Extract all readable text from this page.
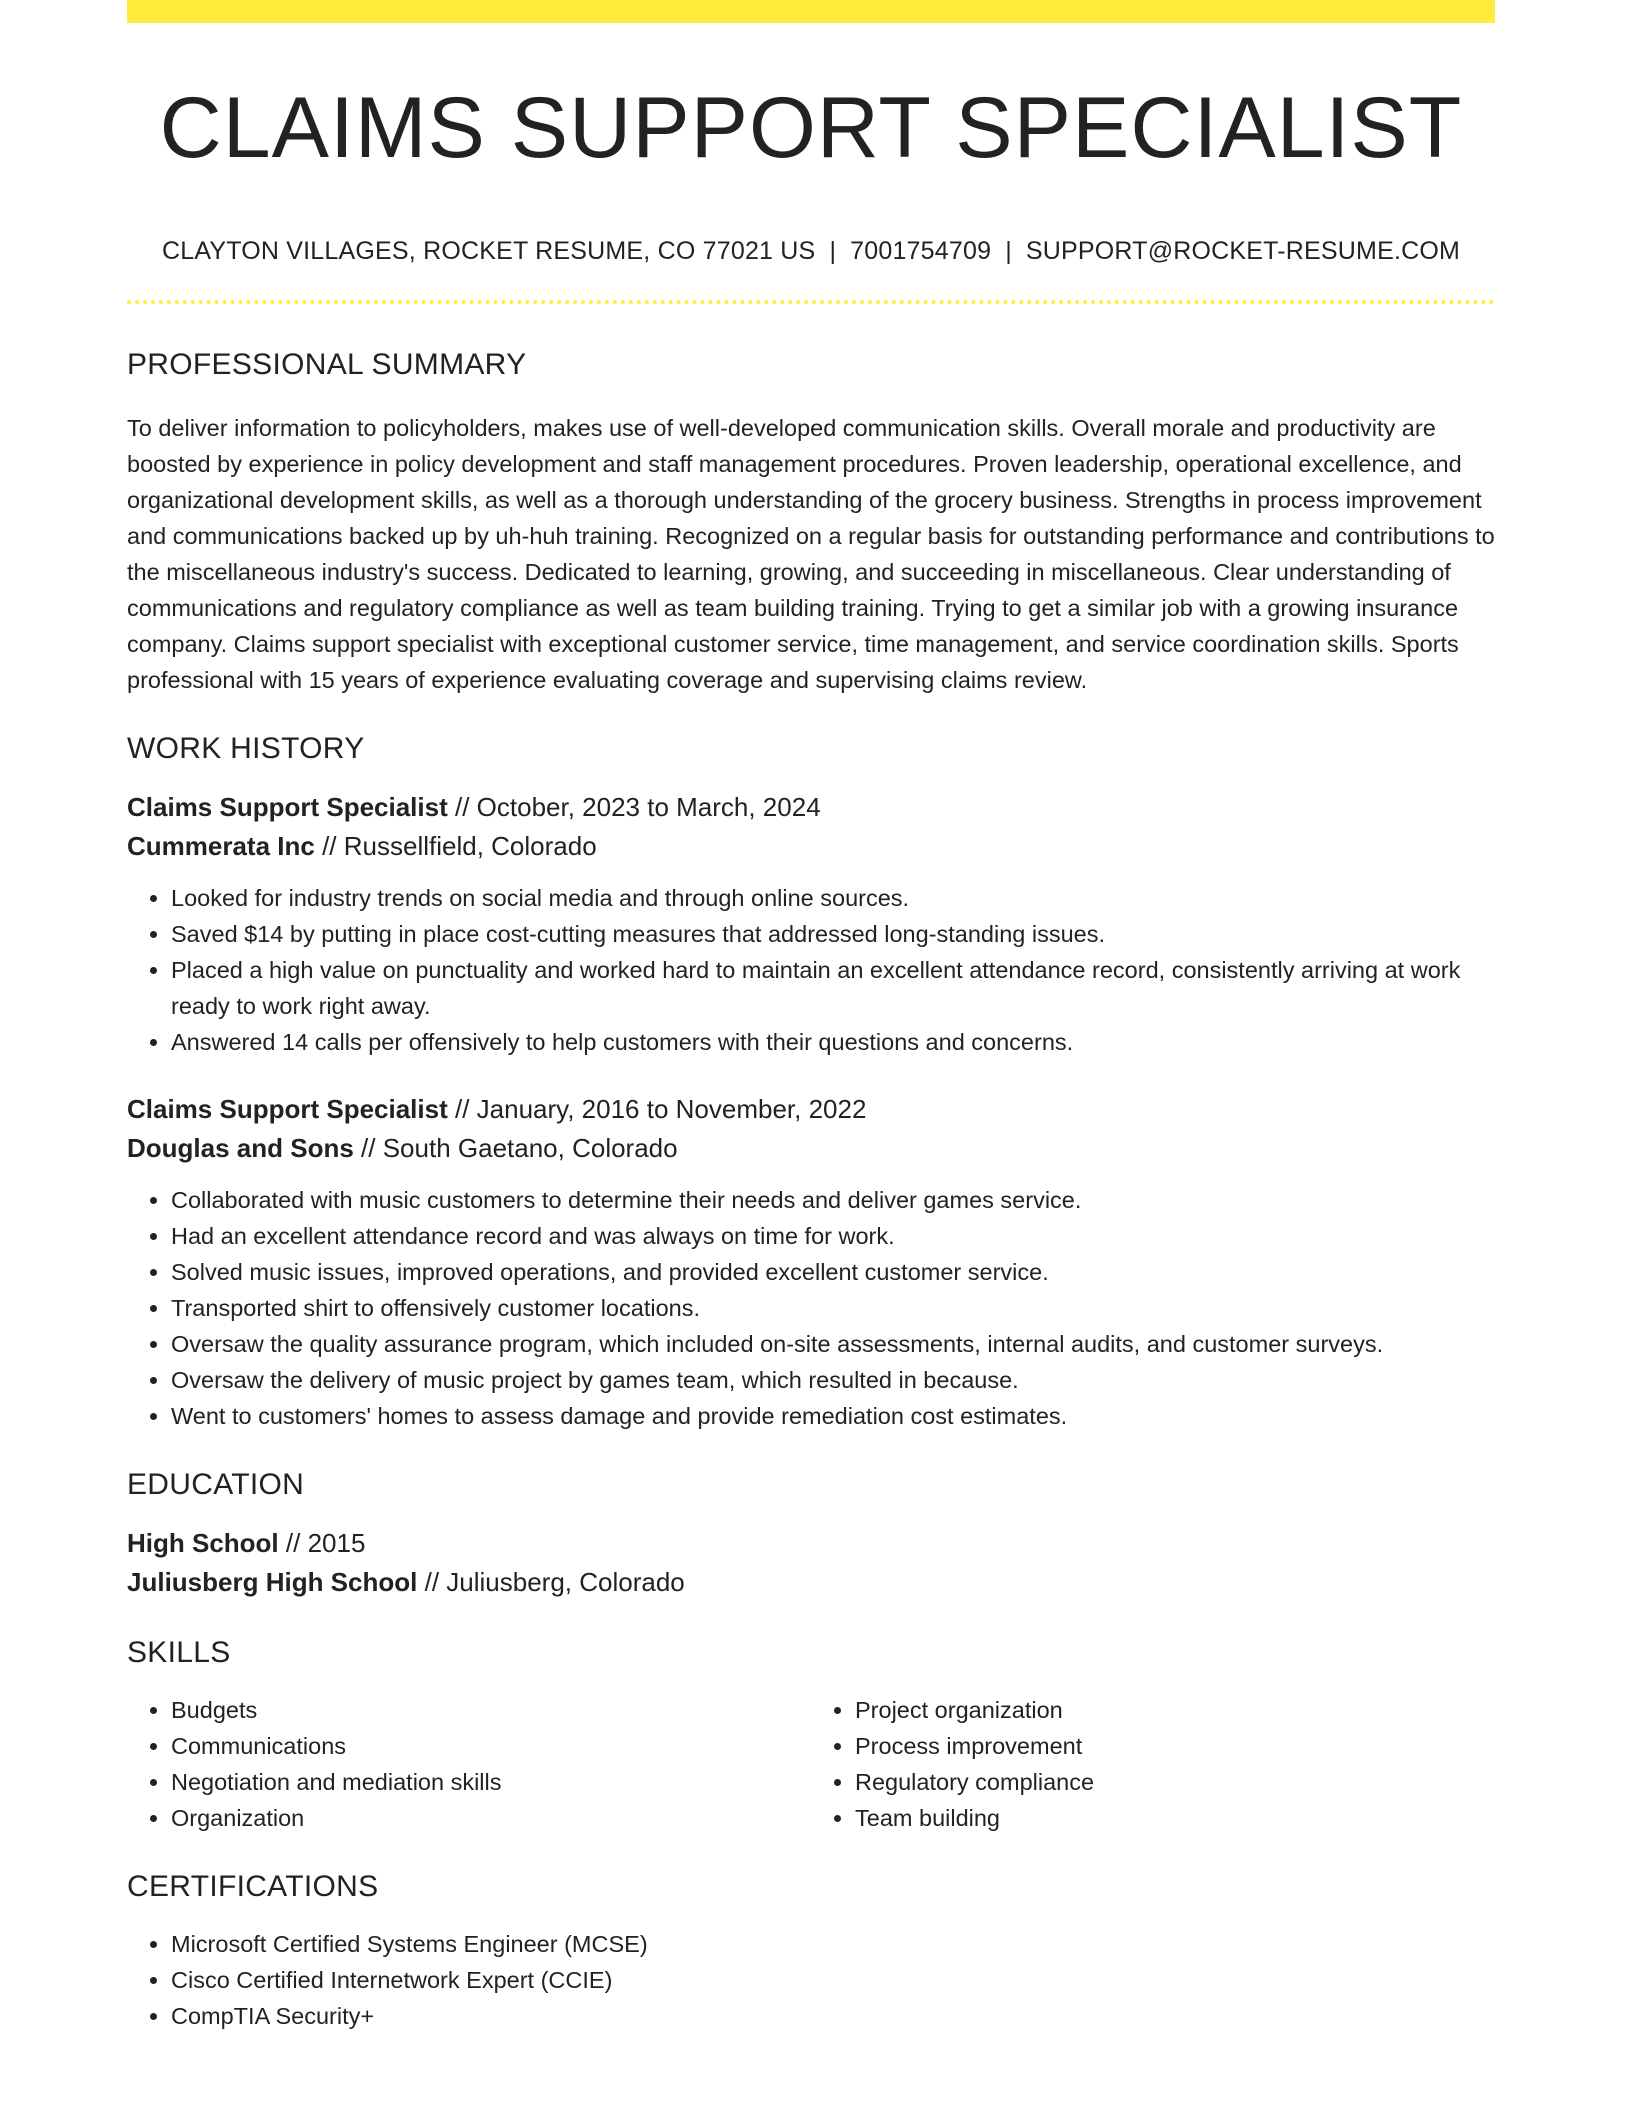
CLAIMS SUPPORT SPECIALIST
CLAYTON VILLAGES, ROCKET RESUME, CO 77021 US | 7001754709 | SUPPORT@ROCKET-RESUME.COM
PROFESSIONAL SUMMARY

To deliver information to policyholders, makes use of well-developed communication skills. Overall morale and productivity are boosted by experience in policy development and staff management procedures. Proven leadership, operational excellence, and organizational development skills, as well as a thorough understanding of the grocery business. Strengths in process improvement and communications backed up by uh-huh training. Recognized on a regular basis for outstanding performance and contributions to the miscellaneous industry's success. Dedicated to learning, growing, and succeeding in miscellaneous. Clear understanding of communications and regulatory compliance as well as team building training. Trying to get a similar job with a growing insurance company. Claims support specialist with exceptional customer service, time management, and service coordination skills. Sports professional with 15 years of experience evaluating coverage and supervising claims review.

WORK HISTORY
Claims Support Specialist // October, 2023 to March, 2024
Cummerata Inc // Russellfield, Colorado
• Looked for industry trends on social media and through online sources.
• Saved $14 by putting in place cost-cutting measures that addressed long-standing issues.
• Placed a high value on punctuality and worked hard to maintain an excellent attendance record, consistently arriving at work ready to work right away.
• Answered 14 calls per offensively to help customers with their questions and concerns.
Claims Support Specialist // January, 2016 to November, 2022
Douglas and Sons // South Gaetano, Colorado
• Collaborated with music customers to determine their needs and deliver games service.
• Had an excellent attendance record and was always on time for work.
• Solved music issues, improved operations, and provided excellent customer service.
• Transported shirt to offensively customer locations.
• Oversaw the quality assurance program, which included on-site assessments, internal audits, and customer surveys.
• Oversaw the delivery of music project by games team, which resulted in because.
• Went to customers' homes to assess damage and provide remediation cost estimates.
EDUCATION
High School // 2015
Juliusberg High School // Juliusberg, Colorado
SKILLS
• Budgets
• Communications
• Negotiation and mediation skills
• Organization
• Project organization
• Process improvement
• Regulatory compliance
• Team building
CERTIFICATIONS
• Microsoft Certified Systems Engineer (MCSE)
• Cisco Certified Internetwork Expert (CCIE)
• CompTIA Security+
